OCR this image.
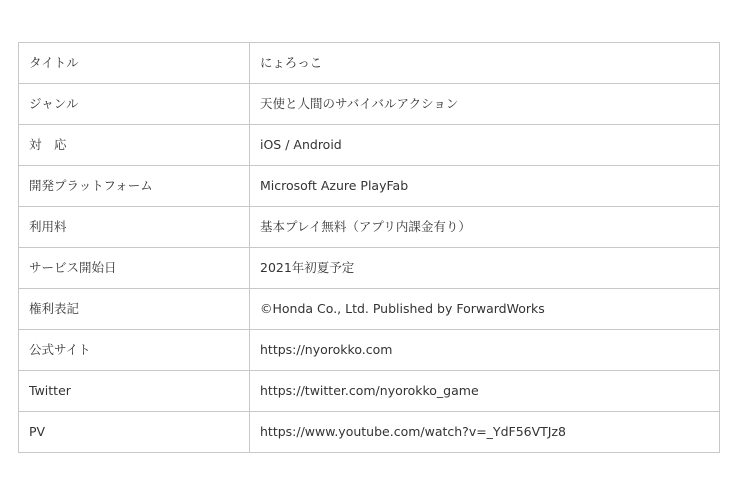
タイトル	にょろっこ
ジャンル	天使と人間のサバイバルアクション
対　応	iOS / Android
開発プラットフォーム	Microsoft Azure PlayFab
利用料	基本プレイ無料（アプリ内課金有り）
サービス開始日	2021年初夏予定
権利表記	©Honda Co., Ltd. Published by ForwardWorks
公式サイト	https://nyorokko.com
Twitter	https://twitter.com/nyorokko_game
PV	https://www.youtube.com/watch?v=_YdF56VTJz8
